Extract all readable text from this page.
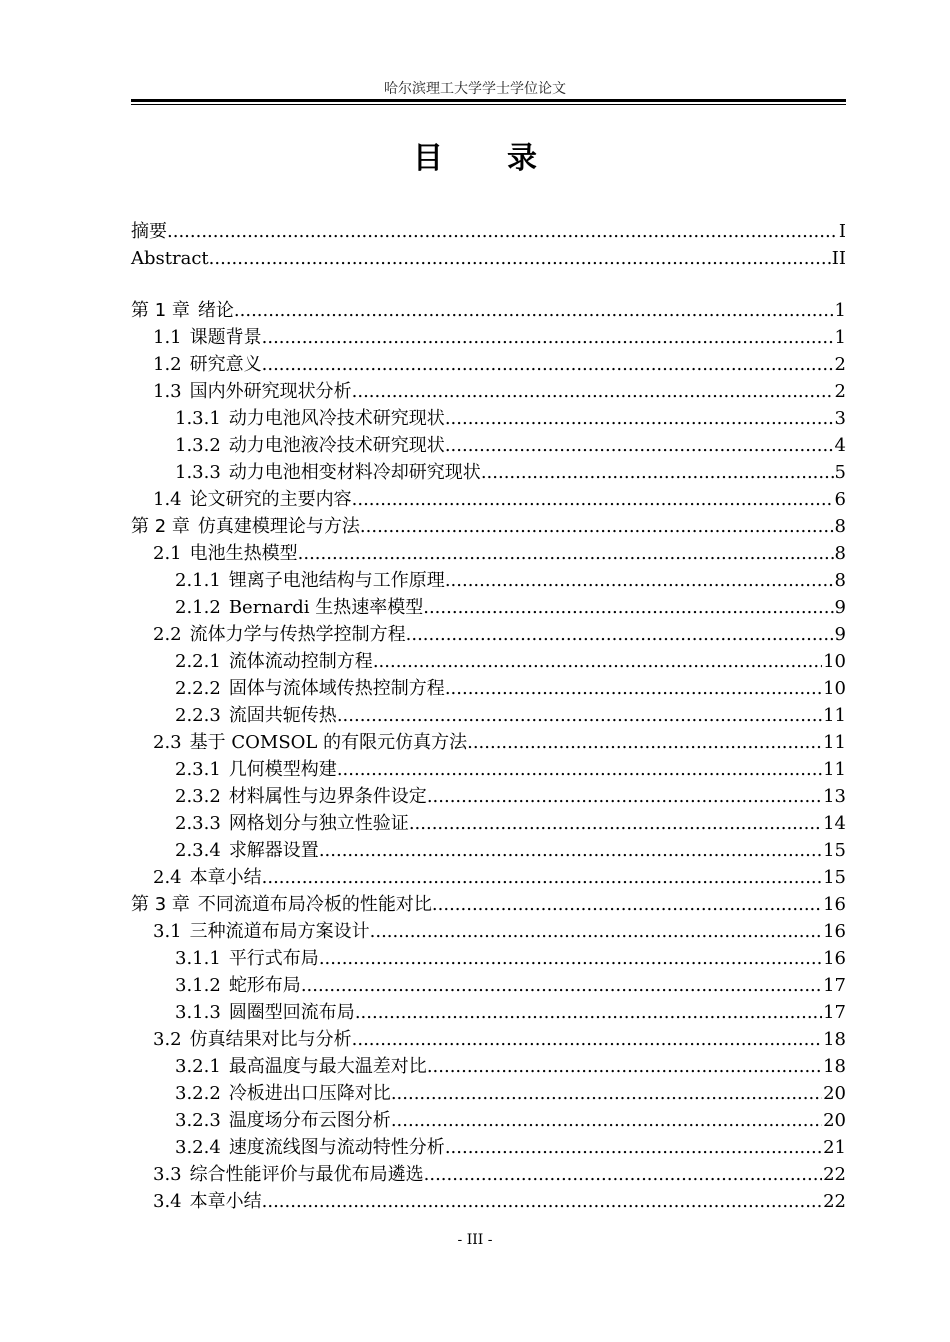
哈尔滨理工大学学士学位论文
目 录
摘要 .....	I
Abstract .....	II
第 1 章 绪论 .....	1
1.1 课题背景 .....	1
1.2 研究意义 .....	2
1.3 国内外研究现状分析 .....	2
1.3.1 动力电池风冷技术研究现状 .....	3
1.3.2 动力电池液冷技术研究现状 .....	4
1.3.3 动力电池相变材料冷却研究现状 .....	5
1.4 论文研究的主要内容 .....	6
第 2 章 仿真建模理论与方法 .....	8
2.1 电池生热模型 .....	8
2.1.1 锂离子电池结构与工作原理 .....	8
2.1.2 Bernardi 生热速率模型 .....	9
2.2 流体力学与传热学控制方程 .....	9
2.2.1 流体流动控制方程 .....	10
2.2.2 固体与流体域传热控制方程 .....	10
2.2.3 流固共轭传热 .....	11
2.3 基于 COMSOL 的有限元仿真方法 .....	11
2.3.1 几何模型构建 .....	11
2.3.2 材料属性与边界条件设定 .....	13
2.3.3 网格划分与独立性验证 .....	14
2.3.4 求解器设置 .....	15
2.4 本章小结 .....	15
第 3 章 不同流道布局冷板的性能对比 .....	16
3.1 三种流道布局方案设计 .....	16
3.1.1 平行式布局 .....	16
3.1.2 蛇形布局 .....	17
3.1.3 圆圈型回流布局 .....	17
3.2 仿真结果对比与分析 .....	18
3.2.1 最高温度与最大温差对比 .....	18
3.2.2 冷板进出口压降对比 .....	20
3.2.3 温度场分布云图分析 .....	20
3.2.4 速度流线图与流动特性分析 .....	21
3.3 综合性能评价与最优布局遴选 .....	22
3.4 本章小结 .....	22
- III -
